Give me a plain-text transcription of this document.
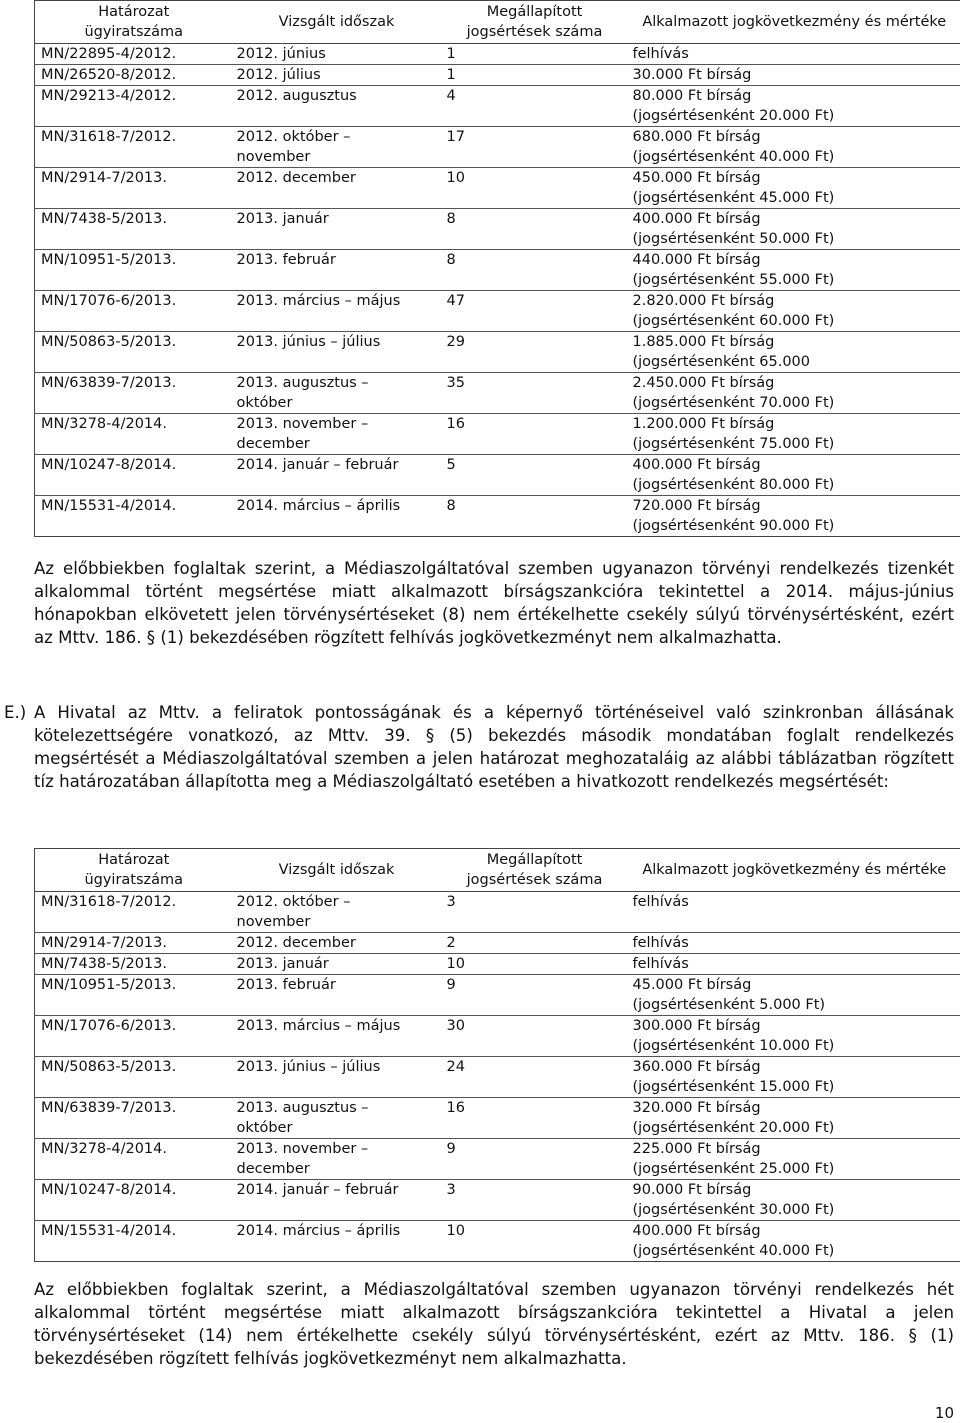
Határozat
ügyiratszáma	Vizsgált időszak	Megállapított
jogsértések száma	Alkalmazott jogkövetkezmény és mértéke

MN/22895-4/2012.	2012. június	1	felhívás

MN/26520-8/2012.	2012. július	1	30.000 Ft bírság

MN/29213-4/2012.	2012. augusztus	4	80.000 Ft bírság
(jogsértésenként 20.000 Ft)

MN/31618-7/2012.	2012. október –
november	17	680.000 Ft bírság
(jogsértésenként 40.000 Ft)

MN/2914-7/2013.	2012. december	10	450.000 Ft bírság
(jogsértésenként 45.000 Ft)

MN/7438-5/2013.	2013. január	8	400.000 Ft bírság
(jogsértésenként 50.000 Ft)

MN/10951-5/2013.	2013. február	8	440.000 Ft bírság
(jogsértésenként 55.000 Ft)

MN/17076-6/2013.	2013. március – május	47	2.820.000 Ft bírság
(jogsértésenként 60.000 Ft)

MN/50863-5/2013.	2013. június – július	29	1.885.000 Ft bírság
(jogsértésenként 65.000

MN/63839-7/2013.	2013. augusztus –
október	35	2.450.000 Ft bírság
(jogsértésenként 70.000 Ft)

MN/3278-4/2014.	2013. november –
december	16	1.200.000 Ft bírság
(jogsértésenként 75.000 Ft)

MN/10247-8/2014.	2014. január – február	5	400.000 Ft bírság
(jogsértésenként 80.000 Ft)

MN/15531-4/2014.	2014. március – április	8	720.000 Ft bírság
(jogsértésenként 90.000 Ft)

Az előbbiekben foglaltak szerint, a Médiaszolgáltatóval szemben ugyanazon törvényi rendelkezés tizenkét alkalommal történt megsértése miatt alkalmazott bírságszankcióra tekintettel a 2014. május-június hónapokban elkövetett jelen törvénysértéseket (8) nem értékelhette csekély súlyú törvénysértésként, ezért az Mttv. 186. § (1) bekezdésében rögzített felhívás jogkövetkezményt nem alkalmazhatta.

E.) A Hivatal az Mttv. a feliratok pontosságának és a képernyő történéseivel való szinkronban állásának kötelezettségére vonatkozó, az Mttv. 39. § (5) bekezdés második mondatában foglalt rendelkezés megsértését a Médiaszolgáltatóval szemben a jelen határozat meghozataláig az alábbi táblázatban rögzített tíz határozatában állapította meg a Médiaszolgáltató esetében a hivatkozott rendelkezés megsértését:

Határozat
ügyiratszáma	Vizsgált időszak	Megállapított
jogsértések száma	Alkalmazott jogkövetkezmény és mértéke

MN/31618-7/2012.	2012. október –
november	3	felhívás

MN/2914-7/2013.	2012. december	2	felhívás

MN/7438-5/2013.	2013. január	10	felhívás

MN/10951-5/2013.	2013. február	9	45.000 Ft bírság
(jogsértésenként 5.000 Ft)

MN/17076-6/2013.	2013. március – május	30	300.000 Ft bírság
(jogsértésenként 10.000 Ft)

MN/50863-5/2013.	2013. június – július	24	360.000 Ft bírság
(jogsértésenként 15.000 Ft)

MN/63839-7/2013.	2013. augusztus –
október	16	320.000 Ft bírság
(jogsértésenként 20.000 Ft)

MN/3278-4/2014.	2013. november –
december	9	225.000 Ft bírság
(jogsértésenként 25.000 Ft)

MN/10247-8/2014.	2014. január – február	3	90.000 Ft bírság
(jogsértésenként 30.000 Ft)

MN/15531-4/2014.	2014. március – április	10	400.000 Ft bírság
(jogsértésenként 40.000 Ft)

Az előbbiekben foglaltak szerint, a Médiaszolgáltatóval szemben ugyanazon törvényi rendelkezés hét alkalommal történt megsértése miatt alkalmazott bírságszankcióra tekintettel a Hivatal a jelen törvénysértéseket (14) nem értékelhette csekély súlyú törvénysértésként, ezért az Mttv. 186. § (1) bekezdésében rögzített felhívás jogkövetkezményt nem alkalmazhatta.

10
